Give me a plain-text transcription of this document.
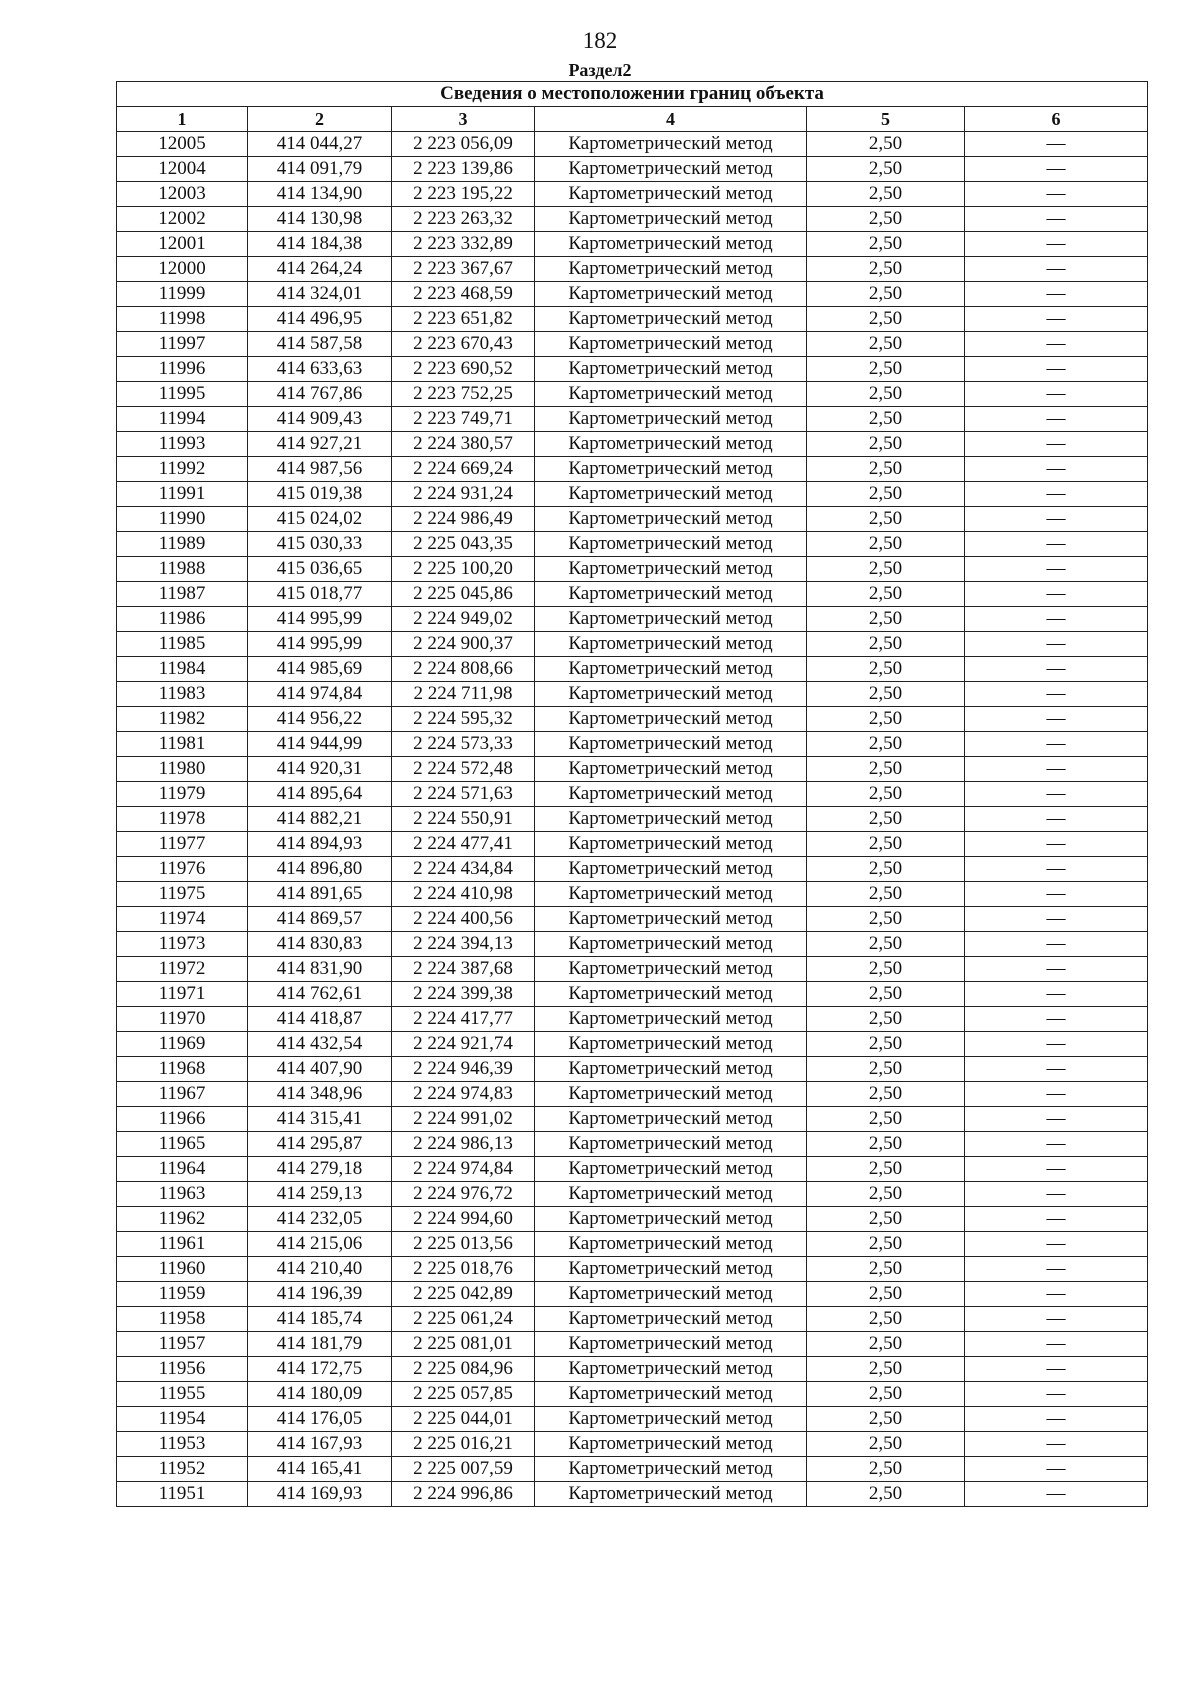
182
Раздел2
Сведения о местоположении границ объекта					
1	2	3	4	5	6
12005	414 044,27	2 223 056,09	Картометрический метод	2,50	—
12004	414 091,79	2 223 139,86	Картометрический метод	2,50	—
12003	414 134,90	2 223 195,22	Картометрический метод	2,50	—
12002	414 130,98	2 223 263,32	Картометрический метод	2,50	—
12001	414 184,38	2 223 332,89	Картометрический метод	2,50	—
12000	414 264,24	2 223 367,67	Картометрический метод	2,50	—
11999	414 324,01	2 223 468,59	Картометрический метод	2,50	—
11998	414 496,95	2 223 651,82	Картометрический метод	2,50	—
11997	414 587,58	2 223 670,43	Картометрический метод	2,50	—
11996	414 633,63	2 223 690,52	Картометрический метод	2,50	—
11995	414 767,86	2 223 752,25	Картометрический метод	2,50	—
11994	414 909,43	2 223 749,71	Картометрический метод	2,50	—
11993	414 927,21	2 224 380,57	Картометрический метод	2,50	—
11992	414 987,56	2 224 669,24	Картометрический метод	2,50	—
11991	415 019,38	2 224 931,24	Картометрический метод	2,50	—
11990	415 024,02	2 224 986,49	Картометрический метод	2,50	—
11989	415 030,33	2 225 043,35	Картометрический метод	2,50	—
11988	415 036,65	2 225 100,20	Картометрический метод	2,50	—
11987	415 018,77	2 225 045,86	Картометрический метод	2,50	—
11986	414 995,99	2 224 949,02	Картометрический метод	2,50	—
11985	414 995,99	2 224 900,37	Картометрический метод	2,50	—
11984	414 985,69	2 224 808,66	Картометрический метод	2,50	—
11983	414 974,84	2 224 711,98	Картометрический метод	2,50	—
11982	414 956,22	2 224 595,32	Картометрический метод	2,50	—
11981	414 944,99	2 224 573,33	Картометрический метод	2,50	—
11980	414 920,31	2 224 572,48	Картометрический метод	2,50	—
11979	414 895,64	2 224 571,63	Картометрический метод	2,50	—
11978	414 882,21	2 224 550,91	Картометрический метод	2,50	—
11977	414 894,93	2 224 477,41	Картометрический метод	2,50	—
11976	414 896,80	2 224 434,84	Картометрический метод	2,50	—
11975	414 891,65	2 224 410,98	Картометрический метод	2,50	—
11974	414 869,57	2 224 400,56	Картометрический метод	2,50	—
11973	414 830,83	2 224 394,13	Картометрический метод	2,50	—
11972	414 831,90	2 224 387,68	Картометрический метод	2,50	—
11971	414 762,61	2 224 399,38	Картометрический метод	2,50	—
11970	414 418,87	2 224 417,77	Картометрический метод	2,50	—
11969	414 432,54	2 224 921,74	Картометрический метод	2,50	—
11968	414 407,90	2 224 946,39	Картометрический метод	2,50	—
11967	414 348,96	2 224 974,83	Картометрический метод	2,50	—
11966	414 315,41	2 224 991,02	Картометрический метод	2,50	—
11965	414 295,87	2 224 986,13	Картометрический метод	2,50	—
11964	414 279,18	2 224 974,84	Картометрический метод	2,50	—
11963	414 259,13	2 224 976,72	Картометрический метод	2,50	—
11962	414 232,05	2 224 994,60	Картометрический метод	2,50	—
11961	414 215,06	2 225 013,56	Картометрический метод	2,50	—
11960	414 210,40	2 225 018,76	Картометрический метод	2,50	—
11959	414 196,39	2 225 042,89	Картометрический метод	2,50	—
11958	414 185,74	2 225 061,24	Картометрический метод	2,50	—
11957	414 181,79	2 225 081,01	Картометрический метод	2,50	—
11956	414 172,75	2 225 084,96	Картометрический метод	2,50	—
11955	414 180,09	2 225 057,85	Картометрический метод	2,50	—
11954	414 176,05	2 225 044,01	Картометрический метод	2,50	—
11953	414 167,93	2 225 016,21	Картометрический метод	2,50	—
11952	414 165,41	2 225 007,59	Картометрический метод	2,50	—
11951	414 169,93	2 224 996,86	Картометрический метод	2,50	—
